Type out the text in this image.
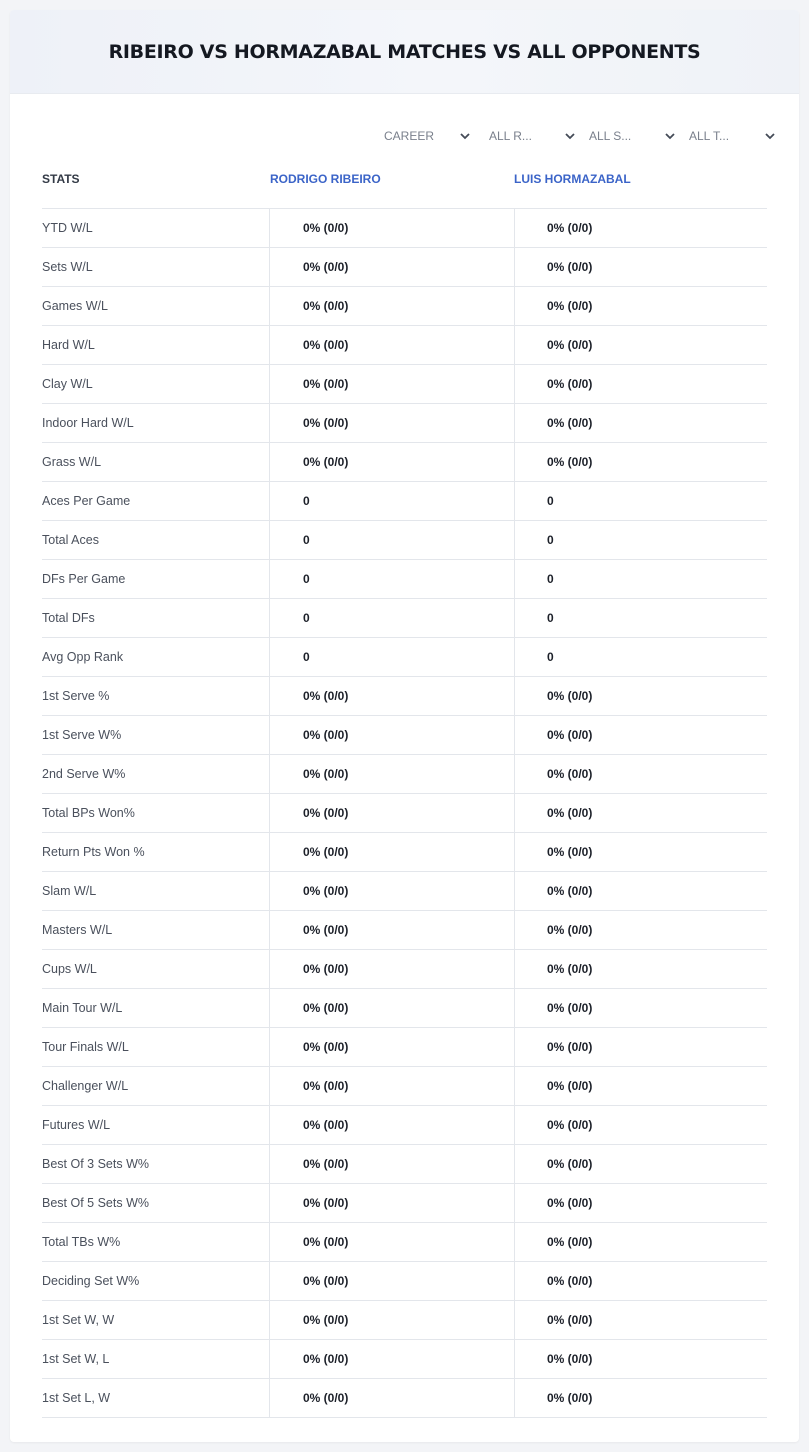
RIBEIRO VS HORMAZABAL MATCHES VS ALL OPPONENTS
CAREER	ALL R...	ALL S...	ALL T...
STATS	RODRIGO RIBEIRO	LUIS HORMAZABAL
YTD W/L	0% (0/0)	0% (0/0)
Sets W/L	0% (0/0)	0% (0/0)
Games W/L	0% (0/0)	0% (0/0)
Hard W/L	0% (0/0)	0% (0/0)
Clay W/L	0% (0/0)	0% (0/0)
Indoor Hard W/L	0% (0/0)	0% (0/0)
Grass W/L	0% (0/0)	0% (0/0)
Aces Per Game	0	0
Total Aces	0	0
DFs Per Game	0	0
Total DFs	0	0
Avg Opp Rank	0	0
1st Serve %	0% (0/0)	0% (0/0)
1st Serve W%	0% (0/0)	0% (0/0)
2nd Serve W%	0% (0/0)	0% (0/0)
Total BPs Won%	0% (0/0)	0% (0/0)
Return Pts Won %	0% (0/0)	0% (0/0)
Slam W/L	0% (0/0)	0% (0/0)
Masters W/L	0% (0/0)	0% (0/0)
Cups W/L	0% (0/0)	0% (0/0)
Main Tour W/L	0% (0/0)	0% (0/0)
Tour Finals W/L	0% (0/0)	0% (0/0)
Challenger W/L	0% (0/0)	0% (0/0)
Futures W/L	0% (0/0)	0% (0/0)
Best Of 3 Sets W%	0% (0/0)	0% (0/0)
Best Of 5 Sets W%	0% (0/0)	0% (0/0)
Total TBs W%	0% (0/0)	0% (0/0)
Deciding Set W%	0% (0/0)	0% (0/0)
1st Set W, W	0% (0/0)	0% (0/0)
1st Set W, L	0% (0/0)	0% (0/0)
1st Set L, W	0% (0/0)	0% (0/0)
